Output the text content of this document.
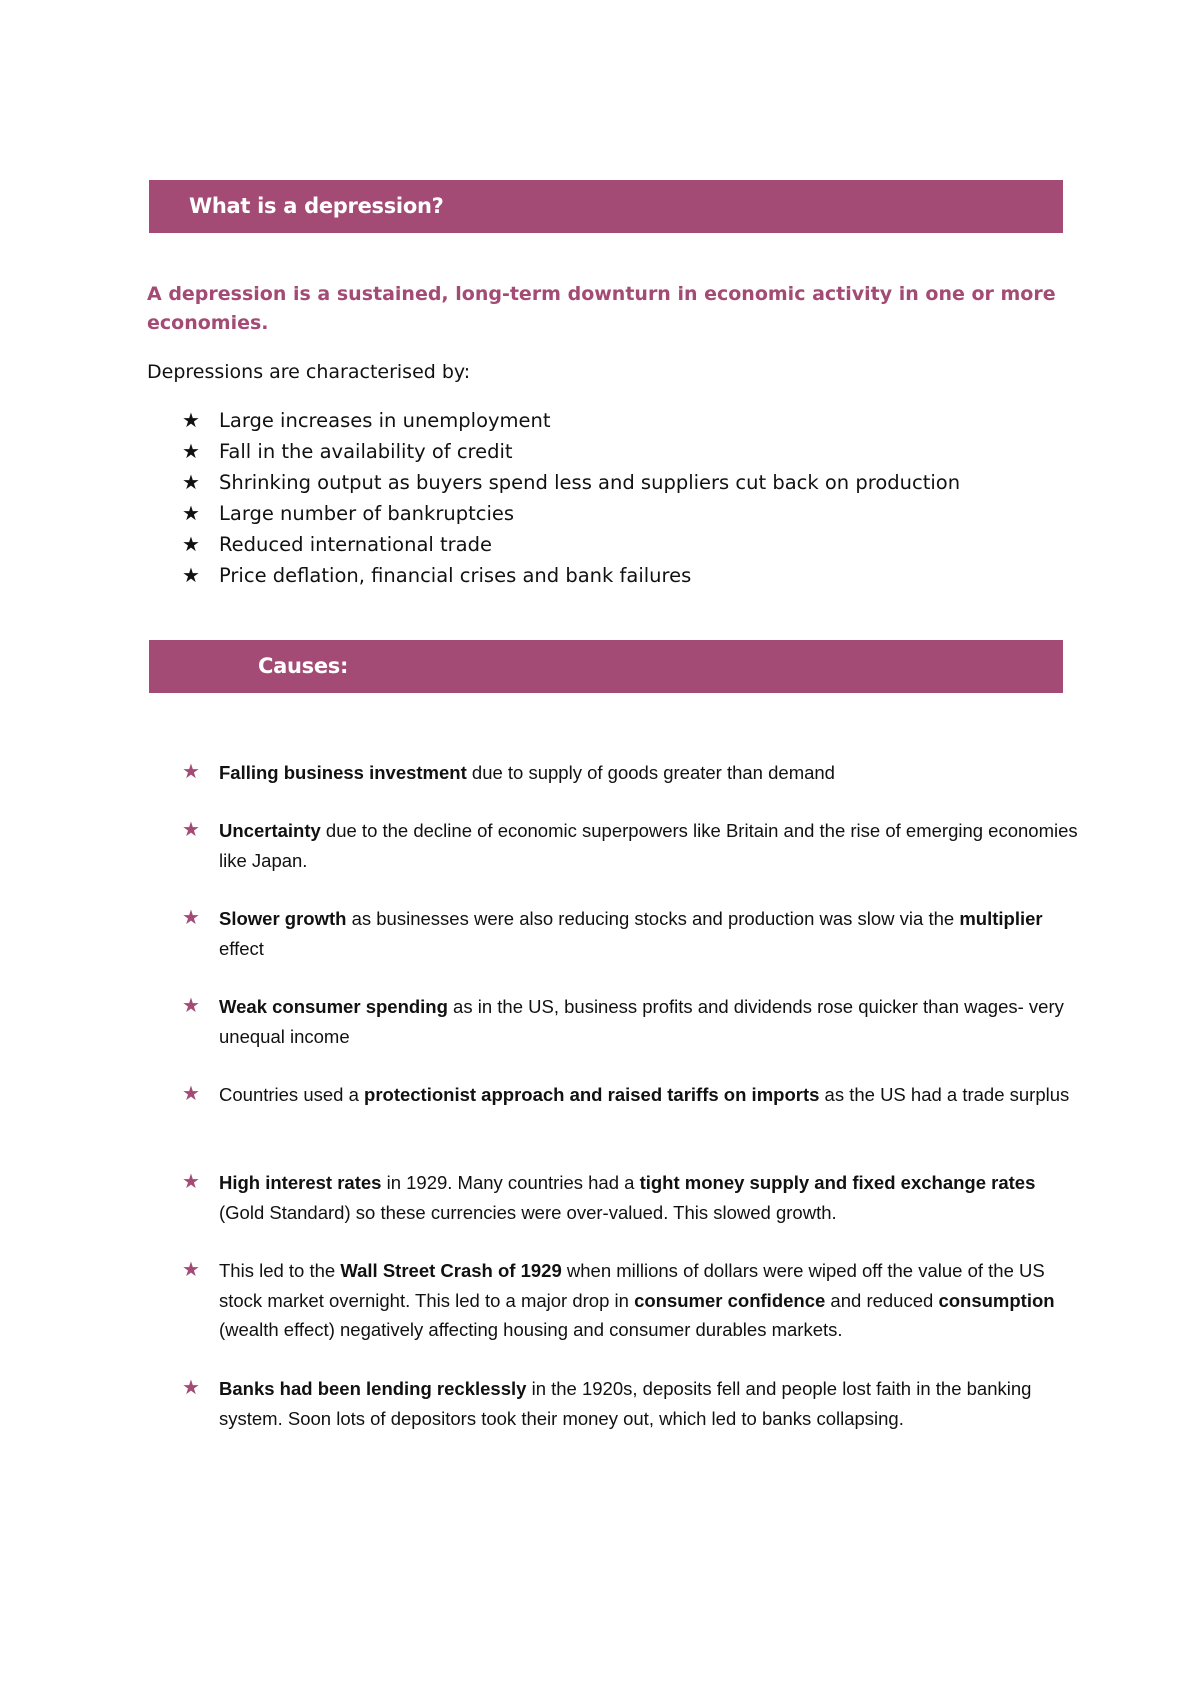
What is a depression?

A depression is a sustained, long-term downturn in economic activity in one or more economies.

Depressions are characterised by:

★ Large increases in unemployment
★ Fall in the availability of credit
★ Shrinking output as buyers spend less and suppliers cut back on production
★ Large number of bankruptcies
★ Reduced international trade
★ Price deflation, financial crises and bank failures
Causes:
★	Falling business investment due to supply of goods greater than demand
★	Uncertainty due to the decline of economic superpowers like Britain and the rise of emerging economies like Japan.
★	Slower growth as businesses were also reducing stocks and production was slow via the multiplier effect
★	Weak consumer spending as in the US, business profits and dividends rose quicker than wages- very unequal income
★	Countries used a protectionist approach and raised tariffs on imports as the US had a trade surplus
★	High interest rates in 1929. Many countries had a tight money supply and fixed exchange rates (Gold Standard) so these currencies were over-valued. This slowed growth.
★	This led to the Wall Street Crash of 1929 when millions of dollars were wiped off the value of the US stock market overnight. This led to a major drop in consumer confidence and reduced consumption (wealth effect) negatively affecting housing and consumer durables markets.
★	Banks had been lending recklessly in the 1920s, deposits fell and people lost faith in the banking system. Soon lots of depositors took their money out, which led to banks collapsing.
